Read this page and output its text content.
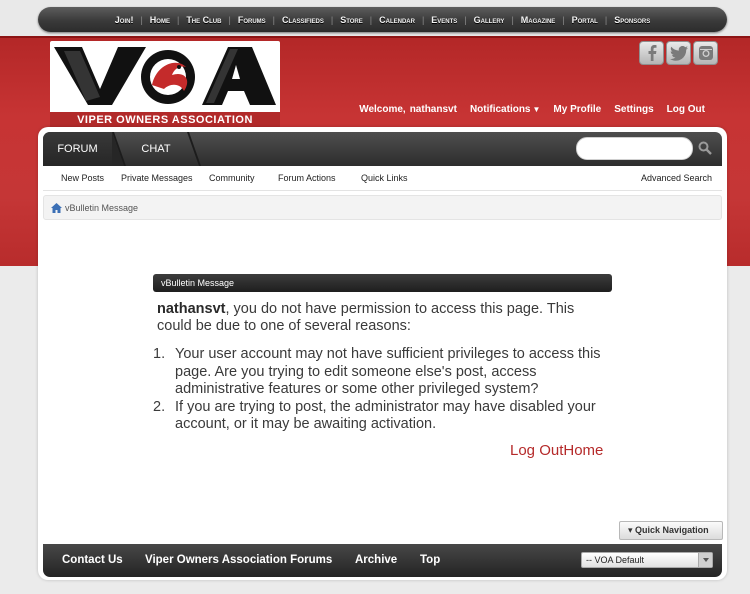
Join! | Home | The Club | Forums | Classifieds | Store | Calendar | Events | Gallery | Magazine | Portal | Sponsors
VIPER OWNERS ASSOCIATION
Welcome, nathansvt Notifications ▼ My Profile Settings Log Out
FORUM	CHAT
New Posts Private Messages Community	Forum Actions	Quick Links	Advanced Search
vBulletin Message
vBulletin Message
nathansvt, you do not have permission to access this page. This could be due to one of several reasons:
1. Your user account may not have sufficient privileges to access this page. Are you trying to edit someone else's post, access administrative features or some other privileged system?
2. If you are trying to post, the administrator may have disabled your account, or it may be awaiting activation.
Log OutHome
▾ Quick Navigation
Contact Us Viper Owners Association Forums Archive Top	-- VOA Default
